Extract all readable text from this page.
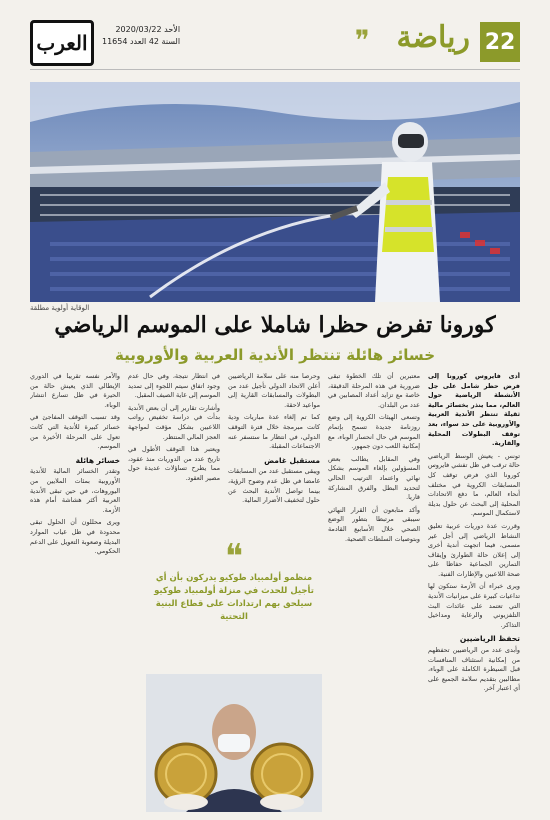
22
رياضة
❞
العرب
الأحد 2020/03/22
السنة 42 العدد 11654
الوقاية أولوية مطلقة
كورونا تفرض حظرا شاملا على الموسم الرياضي
خسائر هائلة تنتظر الأندية العربية والأوروبية

أدى فايروس كورونا إلى فرض حظر شامل على جل الأنشطة الرياضية حول العالم، مما ينذر بخسائر مالية ثقيلة تنتظر الأندية العربية والأوروبية على حد سواء، بعد توقف البطولات المحلية والقارية.

تونس - يعيش الوسط الرياضي حالة ترقب في ظل تفشي فايروس كورونا الذي فرض توقف كل المسابقات الكروية في مختلف أنحاء العالم، ما دفع الاتحادات المحلية إلى البحث عن حلول بديلة لاستكمال الموسم.

وقررت عدة دوريات عربية تعليق النشاط الرياضي إلى أجل غير مسمى، فيما اتجهت أندية أخرى إلى إعلان حالة الطوارئ وإيقاف التمارين الجماعية حفاظا على صحة اللاعبين والإطارات الفنية.

ويرى خبراء أن الأزمة ستكون لها تداعيات كبيرة على ميزانيات الأندية التي تعتمد على عائدات البث التلفزيوني والرعاية ومداخيل التذاكر.

تحفظ الرياضيين

وأبدى عدد من الرياضيين تحفظهم من إمكانية استئناف المنافسات قبل السيطرة الكاملة على الوباء، مطالبين بتقديم سلامة الجميع على أي اعتبار آخر.

معتبرين أن تلك الخطوة تبقى ضرورية في هذه المرحلة الدقيقة، خاصة مع تزايد أعداد المصابين في عدد من البلدان.

وتسعى الهيئات الكروية إلى وضع روزنامة جديدة تسمح بإتمام الموسم في حال انحسار الوباء، مع إمكانية اللعب دون جمهور.

وفي المقابل يطالب بعض المسؤولين بإلغاء الموسم بشكل نهائي واعتماد الترتيب الحالي لتحديد البطل والفرق المشاركة قاريا.

وأكد متابعون أن القرار النهائي سيبقى مرتبطا بتطور الوضع الصحي خلال الأسابيع القادمة وبتوصيات السلطات الصحية.

وحرصا منه على سلامة الرياضيين أعلن الاتحاد الدولي تأجيل عدد من البطولات والمسابقات القارية إلى مواعيد لاحقة.

كما تم إلغاء عدة مباريات ودية كانت مبرمجة خلال فترة التوقف الدولي، في انتظار ما ستسفر عنه الاجتماعات المقبلة.

مستقبل غامض

ويبقى مستقبل عدد من المسابقات غامضا في ظل عدم وضوح الرؤية، بينما تواصل الأندية البحث عن حلول لتخفيف الأضرار المالية.

في انتظار نتيجة، وفي حال عدم وجود اتفاق سيتم اللجوء إلى تمديد الموسم إلى غاية الصيف المقبل.

وأشارت تقارير إلى أن بعض الأندية بدأت في دراسة تخفيض رواتب اللاعبين بشكل مؤقت لمواجهة العجز المالي المنتظر.

ويعتبر هذا التوقف الأطول في تاريخ عدد من الدوريات منذ عقود، مما يطرح تساؤلات عديدة حول مصير العقود.

والأمر نفسه تقريبا في الدوري الإيطالي الذي يعيش حالة من الحيرة في ظل تسارع انتشار الوباء.

وقد تسبب التوقف المفاجئ في خسائر كبيرة للأندية التي كانت تعول على المرحلة الأخيرة من الموسم.

خسائر هائلة

وتقدر الخسائر المالية للأندية الأوروبية بمئات الملايين من اليوروهات، في حين تبقى الأندية العربية أكثر هشاشة أمام هذه الأزمة.

ويرى محللون أن الحلول تبقى محدودة في ظل غياب الموارد البديلة وصعوبة التعويل على الدعم الحكومي.	❝
منظمو أولمبياد طوكيو يدركون بأن أي تأجيل للحدث في منزلة أولمبياد طوكيو سيلحق بهم ارتدادات على قطاع البنية التحتية
